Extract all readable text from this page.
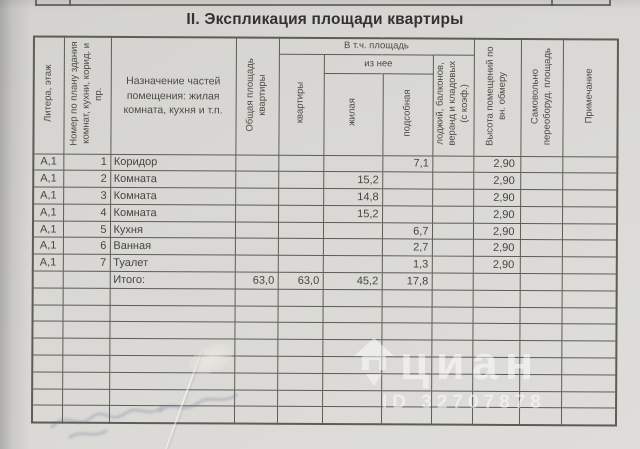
II. Экспликация площади квартиры
Литера, этаж	Номер по плану здания комнат, кухни, корид. и пр.	Назначение частей помещения: жилая комната, кухня и т.п.	Общая площадь квартиры	В т.ч. площадь				Высота помещений по вн. обмеру	Самовольно переоборуд. площадь	Примечание
				квартиры	из нее		лоджий, балконов, веранд и кладовых (с коэф.)			
					жилая	подсобная				
А,1	1	Коридор				7,1		2,90		
А,1	2	Комната			15,2			2,90		
А,1	3	Комната			14,8			2,90		
А,1	4	Комната			15,2			2,90		
А,1	5	Кухня				6,7		2,90		
А,1	6	Ванная				2,7		2,90		
А,1	7	Туалет				1,3		2,90		
		Итого:	63,0	63,0	45,2	17,8				

циан
ID 32707878
